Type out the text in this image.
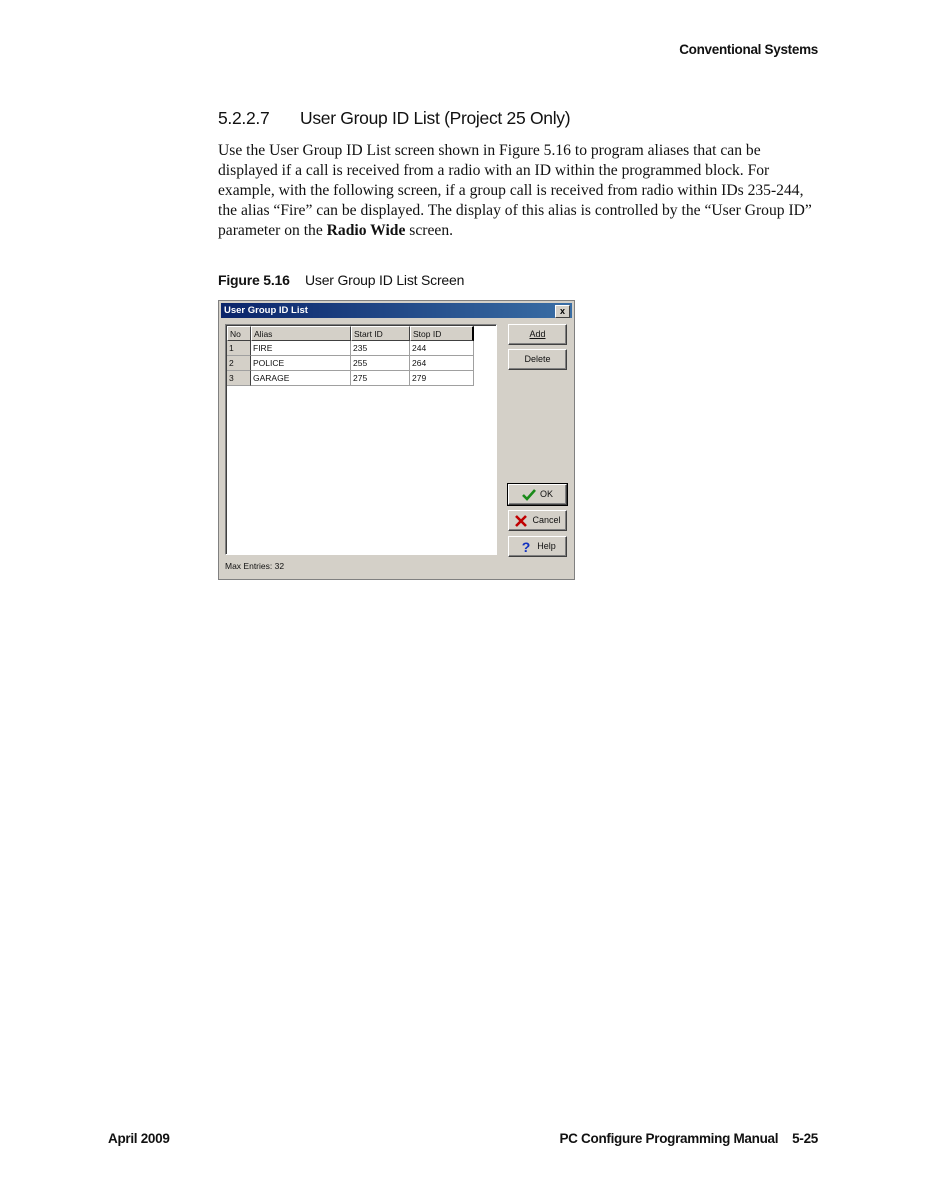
Conventional Systems
5.2.2.7 User Group ID List (Project 25 Only)

Use the User Group ID List screen shown in Figure 5.16 to program aliases that can be displayed if a call is received from a radio with an ID within the programmed block. For example, with the following screen, if a group call is received from radio within IDs 235-244, the alias “Fire” can be displayed. The display of this alias is controlled by the “User Group ID” parameter on the Radio Wide screen.

Figure 5.16 User Group ID List Screen
User Group ID List	x
No	Alias	Start ID	Stop ID
1	FIRE	235	244
2	POLICE	255	264
3	GARAGE	275	279
Add
Delete
OK
Cancel
? Help
Max Entries: 32
April 2009	PC Configure Programming Manual 5-25
